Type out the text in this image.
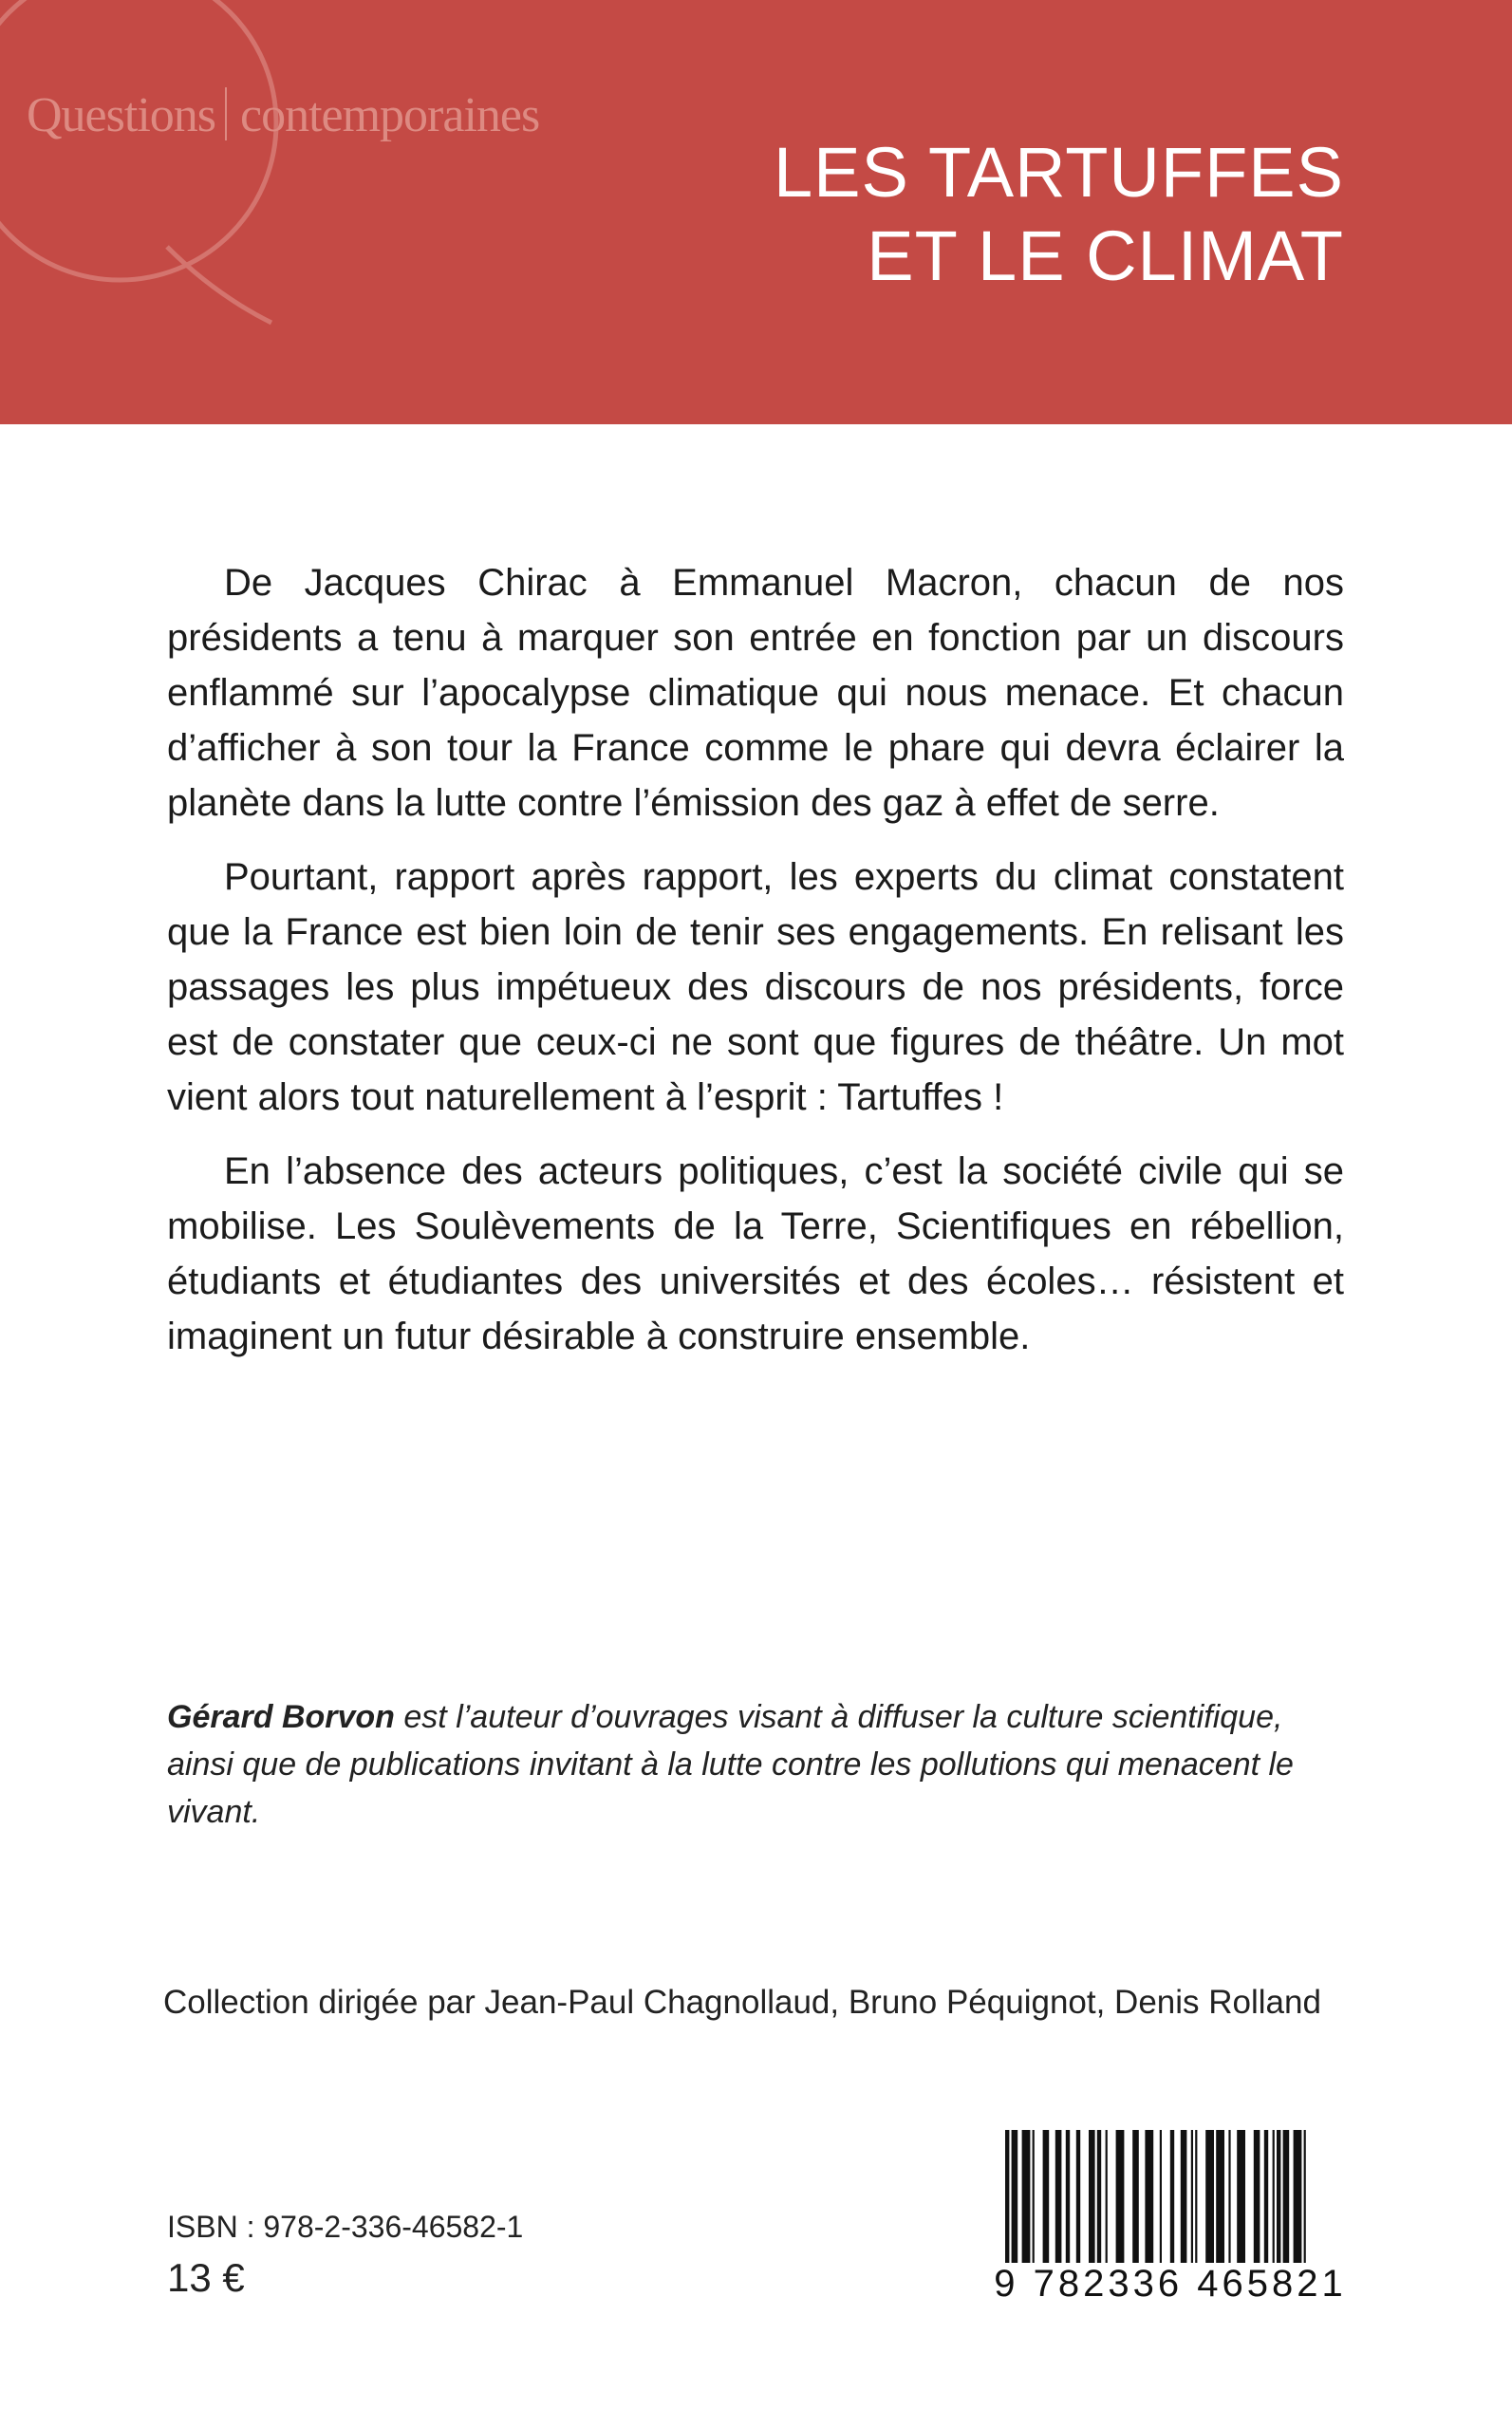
Questions contemporaines
LES TARTUFFES
ET LE CLIMAT

De Jacques Chirac à Emmanuel Macron, chacun de nos présidents a tenu à marquer son entrée en fonction par un discours enflammé sur l’apocalypse climatique qui nous menace. Et chacun d’afficher à son tour la France comme le phare qui devra éclairer la planète dans la lutte contre l’émission des gaz à effet de serre.

Pourtant, rapport après rapport, les experts du climat constatent que la France est bien loin de tenir ses engagements. En relisant les passages les plus impétueux des discours de nos présidents, force est de constater que ceux-ci ne sont que figures de théâtre. Un mot vient alors tout naturellement à l’esprit : Tartuffes !

En l’absence des acteurs politiques, c’est la société civile qui se mobilise. Les Soulèvements de la Terre, Scientifiques en rébellion, étudiants et étudiantes des universités et des écoles… résistent et imaginent un futur désirable à construire ensemble.

Gérard Borvon est l’auteur d’ouvrages visant à diffuser la culture scientifique, ainsi que de publications invitant à la lutte contre les pollutions qui menacent le vivant.
Collection dirigée par Jean-Paul Chagnollaud, Bruno Péquignot, Denis Rolland
ISBN : 978-2-336-46582-1
13 €	9 782336 465821
